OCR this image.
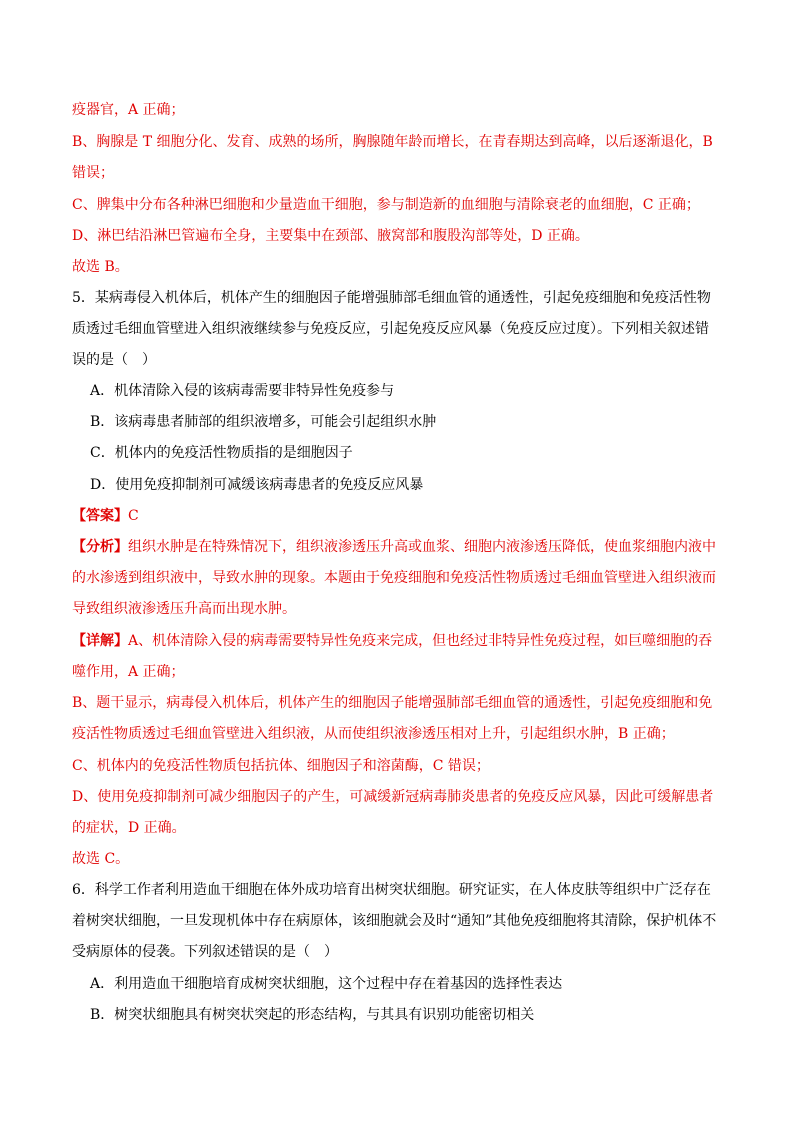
疫器官，A 正确；

B、胸腺是 T 细胞分化、发育、成熟的场所，胸腺随年龄而增长，在青春期达到高峰，以后逐渐退化，B 错误；

C、脾集中分布各种淋巴细胞和少量造血干细胞，参与制造新的血细胞与清除衰老的血细胞，C 正确；

D、淋巴结沿淋巴管遍布全身，主要集中在颈部、腋窝部和腹股沟部等处，D 正确。

故选 B。

5．某病毒侵入机体后，机体产生的细胞因子能增强肺部毛细血管的通透性，引起免疫细胞和免疫活性物质透过毛细血管壁进入组织液继续参与免疫反应，引起免疫反应风暴（免疫反应过度）。下列相关叙述错误的是（　）

A．机体清除入侵的该病毒需要非特异性免疫参与

B．该病毒患者肺部的组织液增多，可能会引起组织水肿

C．机体内的免疫活性物质指的是细胞因子

D．使用免疫抑制剂可减缓该病毒患者的免疫反应风暴

【答案】C

【分析】组织水肿是在特殊情况下，组织液渗透压升高或血浆、细胞内液渗透压降低，使血浆细胞内液中的水渗透到组织液中，导致水肿的现象。本题由于免疫细胞和免疫活性物质透过毛细血管壁进入组织液而导致组织液渗透压升高而出现水肿。

【详解】A、机体清除入侵的病毒需要特异性免疫来完成，但也经过非特异性免疫过程，如巨噬细胞的吞噬作用，A 正确；

B、题干显示，病毒侵入机体后，机体产生的细胞因子能增强肺部毛细血管的通透性，引起免疫细胞和免疫活性物质透过毛细血管壁进入组织液，从而使组织液渗透压相对上升，引起组织水肿，B 正确；

C、机体内的免疫活性物质包括抗体、细胞因子和溶菌酶，C 错误；

D、使用免疫抑制剂可减少细胞因子的产生，可减缓新冠病毒肺炎患者的免疫反应风暴，因此可缓解患者的症状，D 正确。

故选 C。

6．科学工作者利用造血干细胞在体外成功培育出树突状细胞。研究证实，在人体皮肤等组织中广泛存在着树突状细胞，一旦发现机体中存在病原体，该细胞就会及时“通知”其他免疫细胞将其清除，保护机体不受病原体的侵袭。下列叙述错误的是（　）

A．利用造血干细胞培育成树突状细胞，这个过程中存在着基因的选择性表达

B．树突状细胞具有树突状突起的形态结构，与其具有识别功能密切相关
